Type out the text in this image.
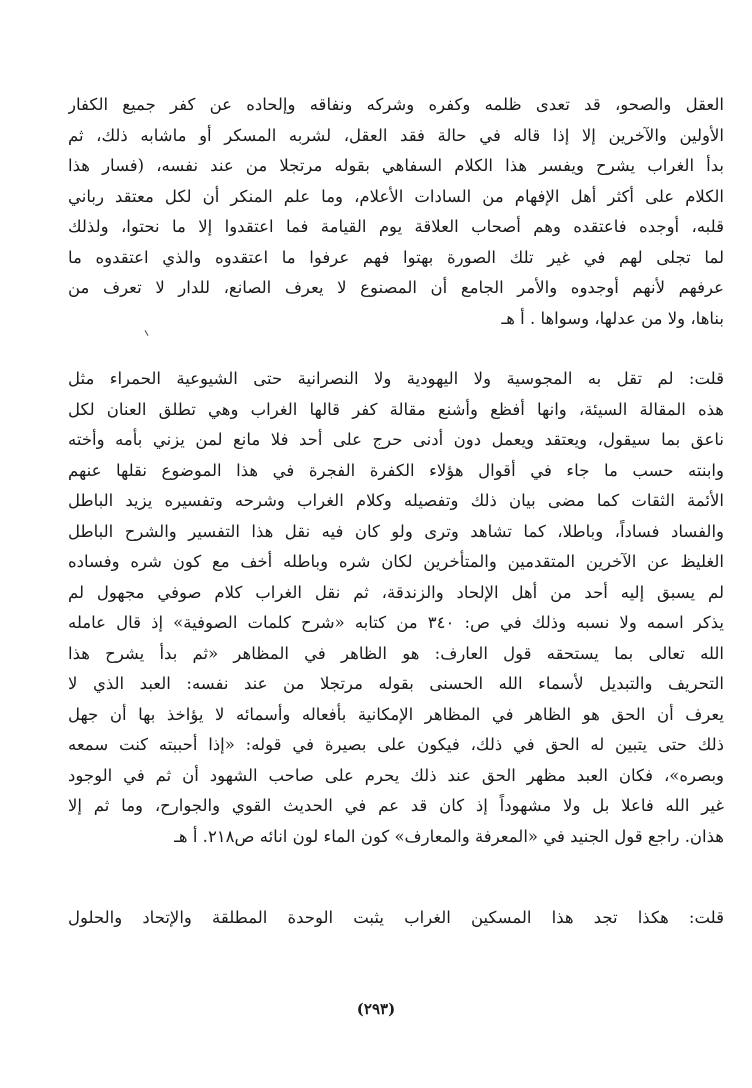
العقل والصحو، قد تعدى ظلمه وكفره وشركه ونفاقه وإلحاده عن كفر جميع الكفار
الأولين والآخرين إلا إذا قاله في حالة فقد العقل، لشربه المسكر أو ماشابه ذلك، ثم
بدأ الغراب يشرح ويفسر هذا الكلام السفاهي بقوله مرتجلا من عند نفسه، (فسار هذا
الكلام على أكثر أهل الإفهام من السادات الأعلام، وما علم المنكر أن لكل معتقد رباني
قلبه، أوجده فاعتقده وهم أصحاب العلاقة يوم القيامة فما اعتقدوا إلا ما نحتوا، ولذلك
لما تجلى لهم في غير تلك الصورة بهتوا فهم عرفوا ما اعتقدوه والذي اعتقدوه ما
عرفهم لأنهم أوجدوه والأمر الجامع أن المصنوع لا يعرف الصانع، للدار لا تعرف من
بناها، ولا من عدلها، وسواها . أ هـ
قلت: لم تقل به المجوسية ولا اليهودية ولا النصرانية حتى الشيوعية الحمراء مثل
هذه المقالة السيئة، وانها أفظع وأشنع مقالة كفر قالها الغراب وهي تطلق العنان لكل
ناعق بما سيقول، ويعتقد ويعمل دون أدنى حرج على أحد فلا مانع لمن يزني بأمه وأخته
وابنته حسب ما جاء في أقوال هؤلاء الكفرة الفجرة في هذا الموضوع نقلها عنهم
الأئمة الثقات كما مضى بيان ذلك وتفصيله وكلام الغراب وشرحه وتفسيره يزيد الباطل
والفساد فساداً، وباطلا، كما تشاهد وترى ولو كان فيه نقل هذا التفسير والشرح الباطل
الغليظ عن الآخرين المتقدمين والمتأخرين لكان شره وباطله أخف مع كون شره وفساده
لم يسبق إليه أحد من أهل الإلحاد والزندقة، ثم نقل الغراب كلام صوفي مجهول لم
يذكر اسمه ولا نسبه وذلك في ص: ٣٤٠ من كتابه «شرح كلمات الصوفية» إذ قال عامله
الله تعالى بما يستحقه قول العارف: هو الظاهر في المظاهر «ثم بدأ يشرح هذا
التحريف والتبديل لأسماء الله الحسنى بقوله مرتجلا من عند نفسه: العبد الذي لا
يعرف أن الحق هو الظاهر في المظاهر الإمكانية بأفعاله وأسمائه لا يؤاخذ بها أن جهل
ذلك حتى يتبين له الحق في ذلك، فيكون على بصيرة في قوله: «إذا أحببته كنت سمعه
وبصره»، فكان العبد مظهر الحق عند ذلك يحرم على صاحب الشهود أن ثم في الوجود
غير الله فاعلا بل ولا مشهوداً إذ كان قد عم في الحديث القوي والجوارح، وما ثم إلا
هذان. راجع قول الجنيد في «المعرفة والمعارف» كون الماء لون انائه ص٢١٨. أ هـ
قلت: هكذا تجد هذا المسكين الغراب يثبت الوحدة المطلقة والإتحاد والحلول
(٢٩٣)
